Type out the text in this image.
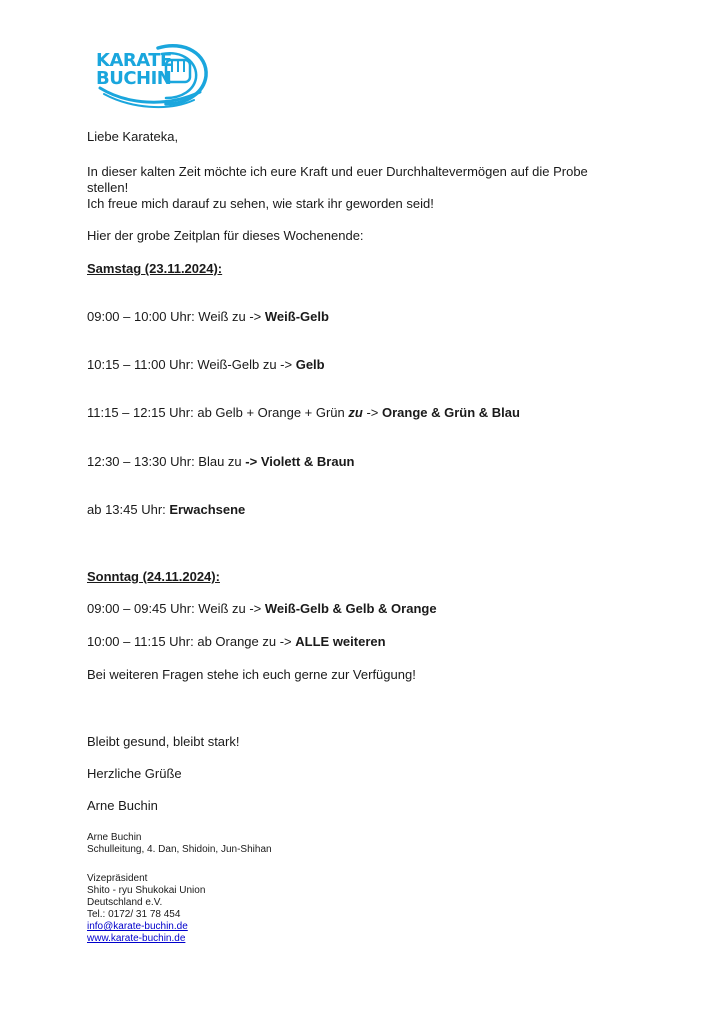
KARATE
BUCHIN
Liebe Karateka,
In dieser kalten Zeit möchte ich eure Kraft und euer Durchhaltevermögen auf die Probe
stellen!
Ich freue mich darauf zu sehen, wie stark ihr geworden seid!
Hier der grobe Zeitplan für dieses Wochenende:
Samstag (23.11.2024):
09:00 – 10:00 Uhr: Weiß zu -> Weiß-Gelb
10:15 – 11:00 Uhr: Weiß-Gelb zu -> Gelb
11:15 – 12:15 Uhr: ab Gelb + Orange + Grün zu -> Orange & Grün & Blau
12:30 – 13:30 Uhr: Blau zu -> Violett & Braun
ab 13:45 Uhr: Erwachsene
Sonntag (24.11.2024):
09:00 – 09:45 Uhr: Weiß zu -> Weiß-Gelb & Gelb & Orange
10:00 – 11:15 Uhr: ab Orange zu -> ALLE weiteren
Bei weiteren Fragen stehe ich euch gerne zur Verfügung!
Bleibt gesund, bleibt stark!
Herzliche Grüße
Arne Buchin
Arne Buchin
Schulleitung, 4. Dan, Shidoin, Jun-Shihan
Vizepräsident
Shito - ryu Shukokai Union
Deutschland e.V.
Tel.: 0172/ 31 78 454
info@karate-buchin.de
www.karate-buchin.de
